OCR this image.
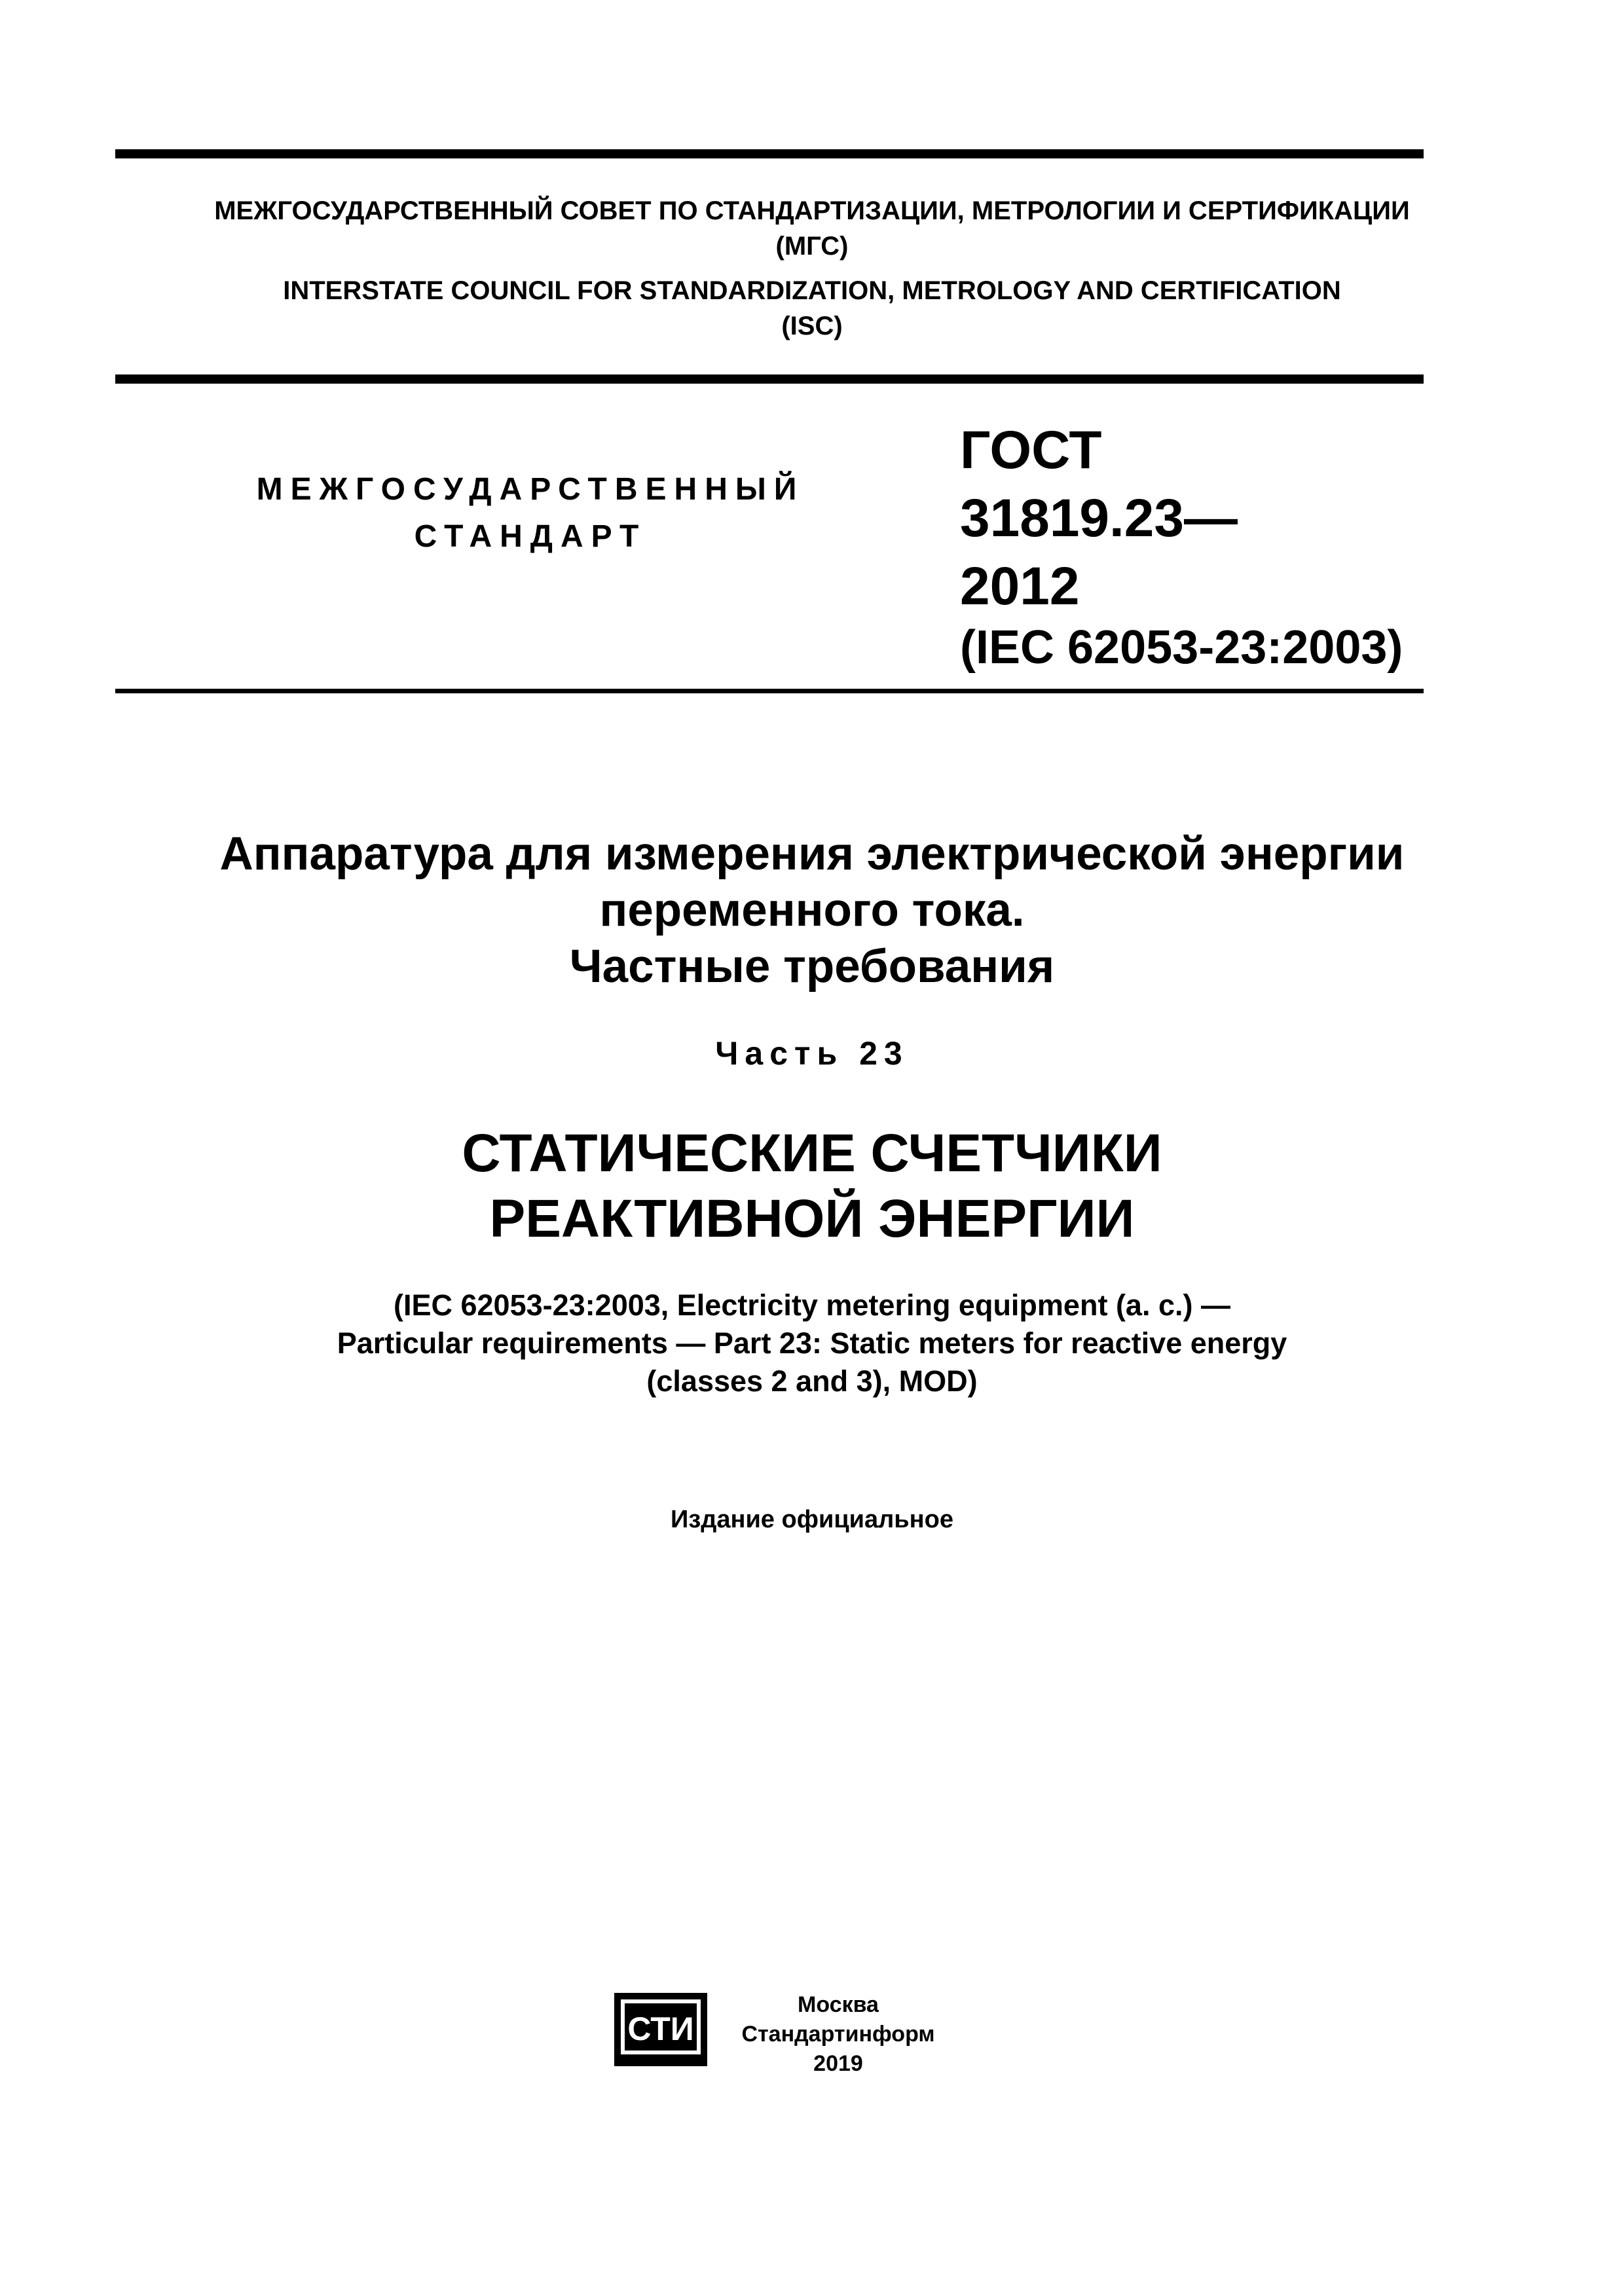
МЕЖГОСУДАРСТВЕННЫЙ СОВЕТ ПО СТАНДАРТИЗАЦИИ, МЕТРОЛОГИИ И СЕРТИФИКАЦИИ
(МГС)
INTERSTATE COUNCIL FOR STANDARDIZATION, METROLOGY AND CERTIFICATION
(ISC)
МЕЖГОСУДАРСТВЕННЫЙ
СТАНДАРТ
ГОСТ
31819.23—
2012
(IEC 62053-23:2003)
Аппаратура для измерения электрической энергии
переменного тока.
Частные требования
Часть 23
СТАТИЧЕСКИЕ СЧЕТЧИКИ
РЕАКТИВНОЙ ЭНЕРГИИ
(IEC 62053-23:2003, Electricity metering equipment (a. c.) —
Particular requirements — Part 23: Static meters for reactive energy
(classes 2 and 3), MOD)
Издание официальное
СТИ
Москва
Стандартинформ
2019
